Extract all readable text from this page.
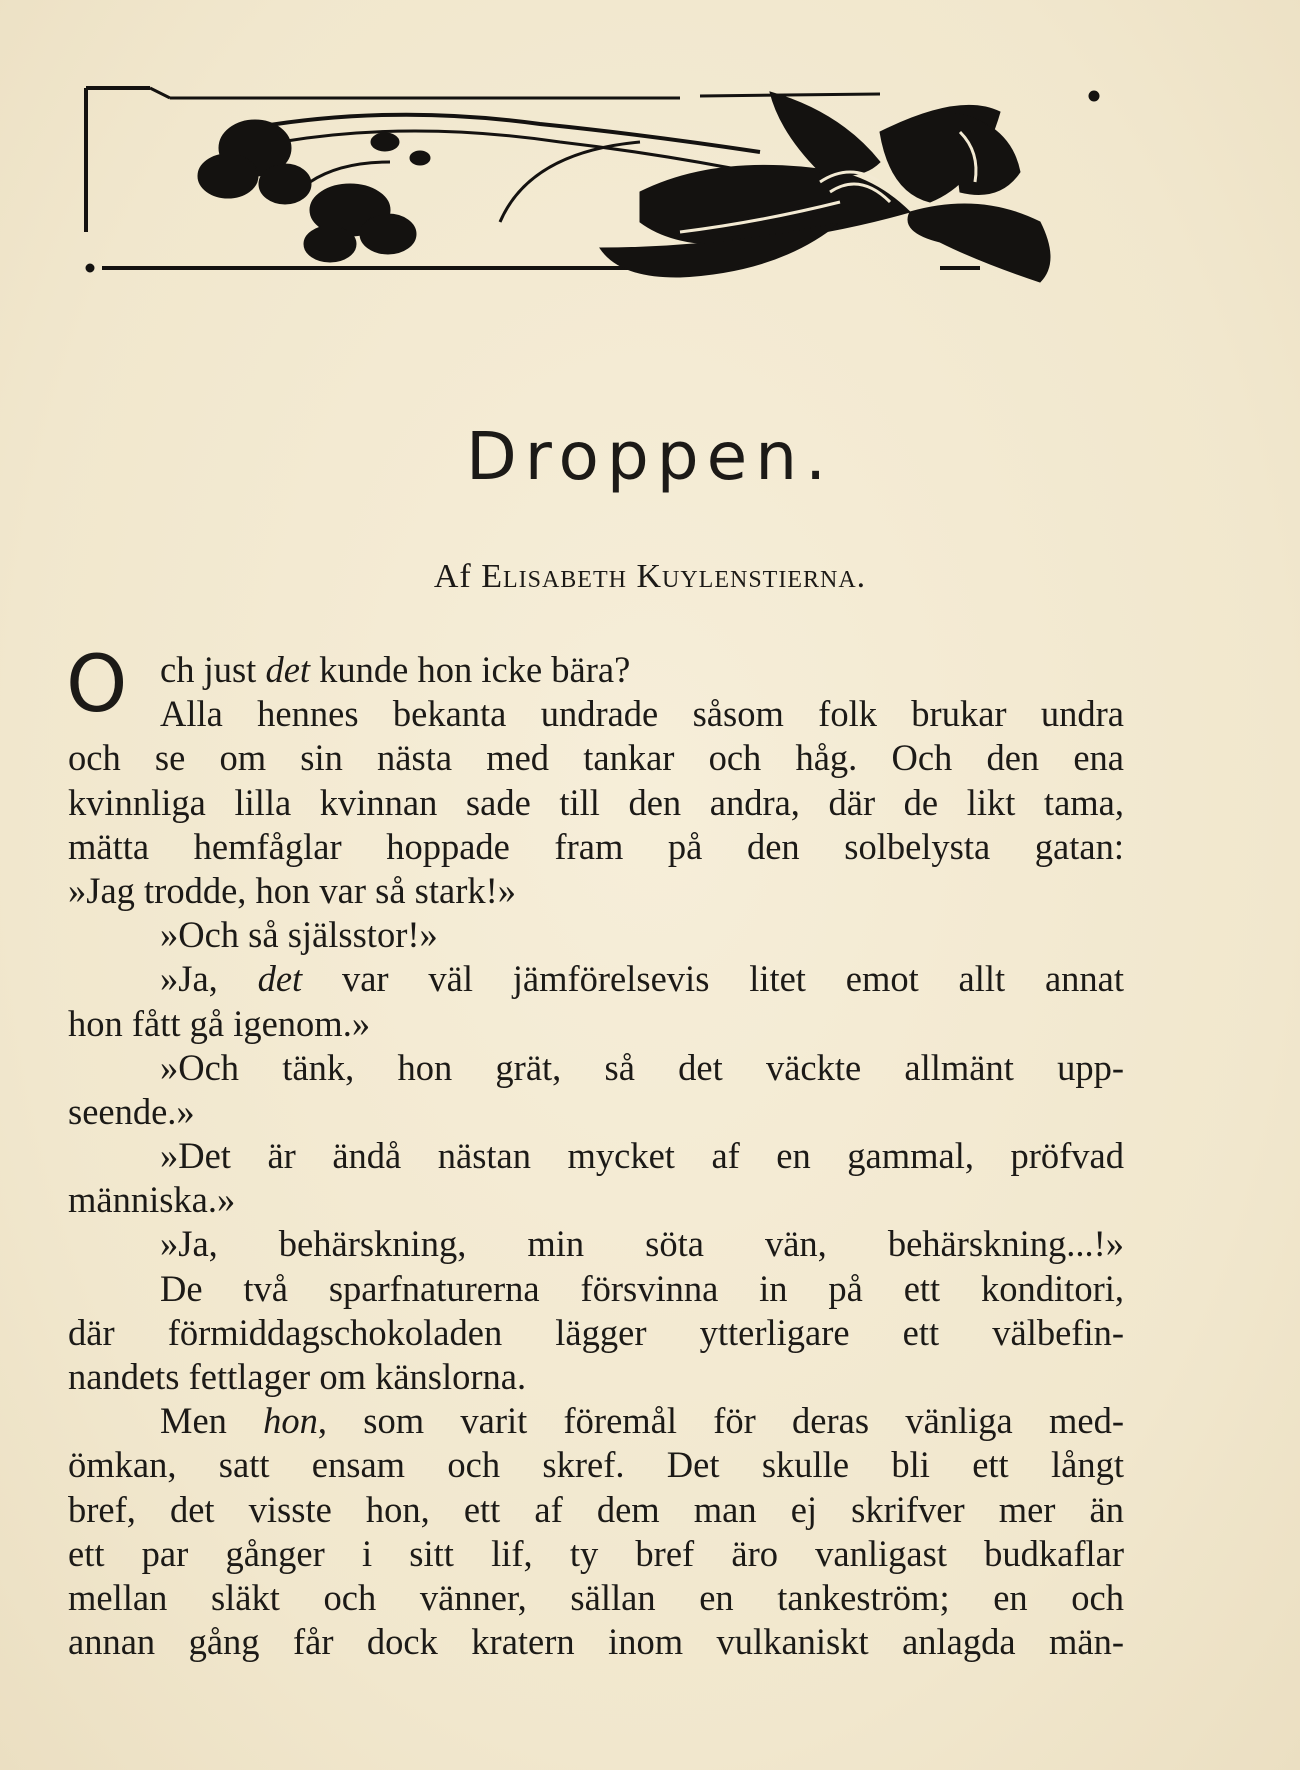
Droppen.

Af Elisabeth Kuylenstierna.

O ch just det kunde hon icke bära?
Alla hennes bekanta undrade såsom folk brukar undra
och se om sin nästa med tankar och håg. Och den ena
kvinnliga lilla kvinnan sade till den andra, där de likt tama,
mätta hemfåglar hoppade fram på den solbelysta gatan:
»Jag trodde, hon var så stark!»
»Och så själsstor!»
»Ja, det var väl jämförelsevis litet emot allt annat
hon fått gå igenom.»
»Och tänk, hon grät, så det väckte allmänt upp-
seende.»
»Det är ändå nästan mycket af en gammal, pröfvad
människa.»
»Ja, behärskning, min söta vän, behärskning...!»
De två sparfnaturerna försvinna in på ett konditori,
där förmiddagschokoladen lägger ytterligare ett välbefin-
nandets fettlager om känslorna.
Men hon, som varit föremål för deras vänliga med-
ömkan, satt ensam och skref. Det skulle bli ett långt
bref, det visste hon, ett af dem man ej skrifver mer än
ett par gånger i sitt lif, ty bref äro vanligast budkaflar
mellan släkt och vänner, sällan en tankeström; en och
annan gång får dock kratern inom vulkaniskt anlagda män-
